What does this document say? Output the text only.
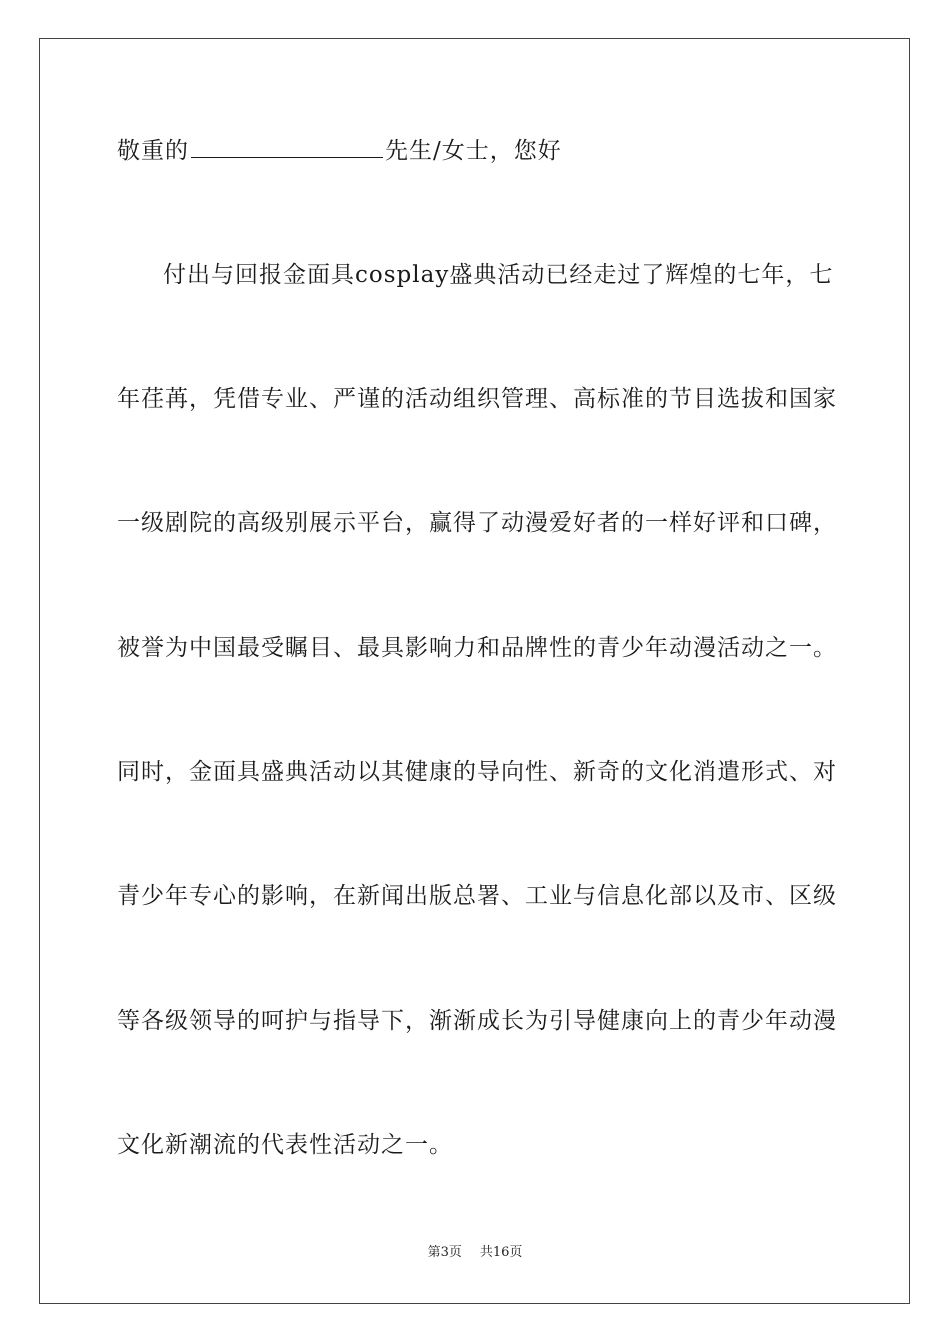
敬重的	先生/女士，您好
付出与回报金面具cosplay盛典活动已经走过了辉煌的七年，七
年荏苒，凭借专业、严谨的活动组织管理、高标准的节目选拔和国家
一级剧院的高级别展示平台，赢得了动漫爱好者的一样好评和口碑，
被誉为中国最受瞩目、最具影响力和品牌性的青少年动漫活动之一。
同时，金面具盛典活动以其健康的导向性、新奇的文化消遣形式、对
青少年专心的影响，在新闻出版总署、工业与信息化部以及市、区级
等各级领导的呵护与指导下，渐渐成长为引导健康向上的青少年动漫
文化新潮流的代表性活动之一。
第3页 共16页
